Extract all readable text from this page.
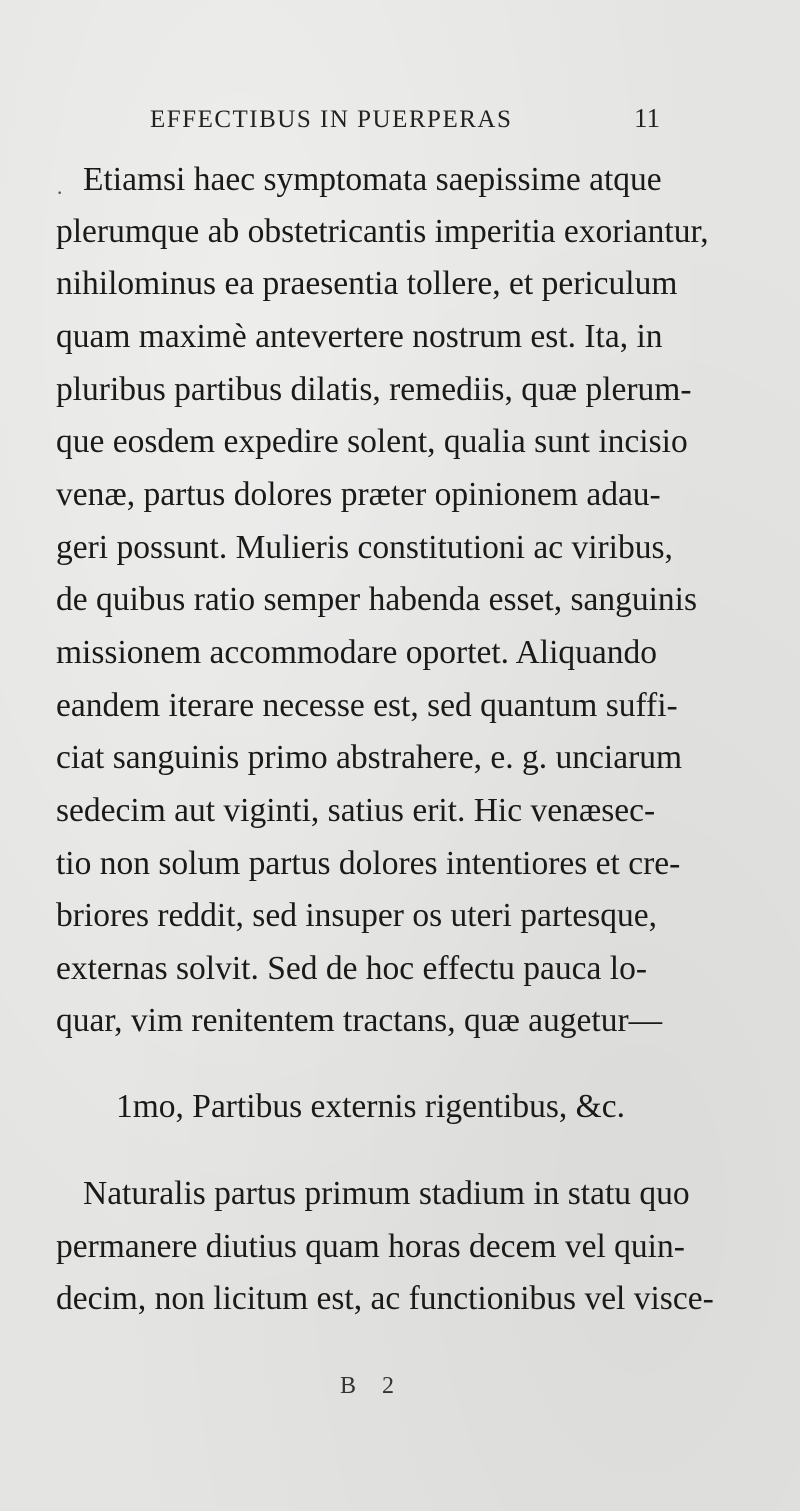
EFFECTIBUS IN PUERPERAS	11
· Etiamsi haec symptomata saepissime atque
plerumque ab obstetricantis imperitia exoriantur,
nihilominus ea praesentia tollere, et periculum
quam maximè antevertere nostrum est. Ita, in
pluribus partibus dilatis, remediis, quæ plerum-
que eosdem expedire solent, qualia sunt incisio
venæ, partus dolores præter opinionem adau-
geri possunt. Mulieris constitutioni ac viribus,
de quibus ratio semper habenda esset, sanguinis
missionem accommodare oportet. Aliquando
eandem iterare necesse est, sed quantum suffi-
ciat sanguinis primo abstrahere, e. g. unciarum
sedecim aut viginti, satius erit. Hic venæsec-
tio non solum partus dolores intentiores et cre-
briores reddit, sed insuper os uteri partesque,
externas solvit. Sed de hoc effectu pauca lo-
quar, vim renitentem tractans, quæ augetur—
1mo, Partibus externis rigentibus, &c.
Naturalis partus primum stadium in statu quo
permanere diutius quam horas decem vel quin-
decim, non licitum est, ac functionibus vel visce-
B 2
